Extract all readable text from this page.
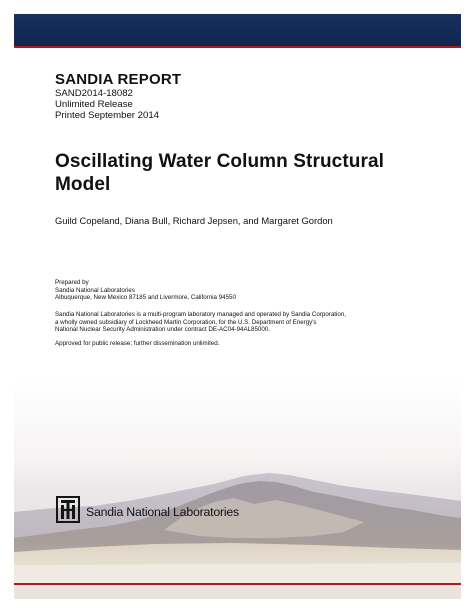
SANDIA REPORT
SAND2014-18082
Unlimited Release
Printed September 2014
Oscillating Water Column Structural
Model
Guild Copeland, Diana Bull, Richard Jepsen, and Margaret Gordon
Prepared by
Sandia National Laboratories
Albuquerque, New Mexico 87185 and Livermore, California 94550
Sandia National Laboratories is a multi-program laboratory managed and operated by Sandia Corporation,
a wholly owned subsidiary of Lockheed Martin Corporation, for the U.S. Department of Energy's
National Nuclear Security Administration under contract DE-AC04-94AL85000.
Approved for public release; further dissemination unlimited.
Sandia National Laboratories
